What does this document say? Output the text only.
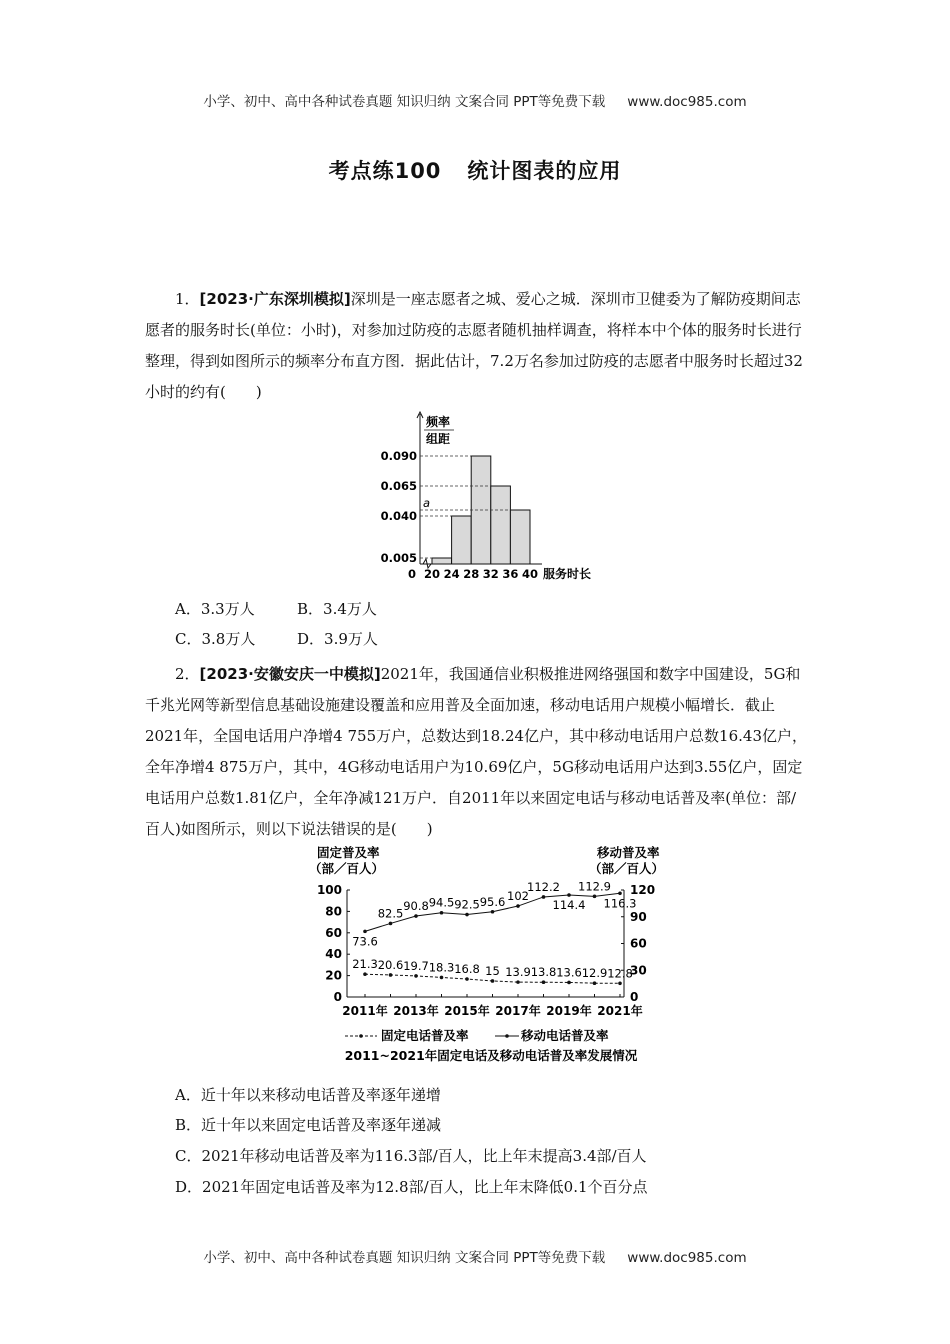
小学、初中、高中各种试卷真题 知识归纳 文案合同 PPT等免费下载 www.doc985.com
考点练100 统计图表的应用
1．[2023·广东深圳模拟]深圳是一座志愿者之城、爱心之城．深圳市卫健委为了解防疫期间志愿者的服务时长(单位：小时)，对参加过防疫的志愿者随机抽样调查，将样本中个体的服务时长进行整理，得到如图所示的频率分布直方图．据此估计，7.2万名参加过防疫的志愿者中服务时长超过32小时的约有(　　)
0.005
0.040
0.065
0.090
a
频率
组距
0 20 24 28 32 36 40 服务时长
A．3.3万人	B．3.4万人
C．3.8万人	D．3.9万人
2．[2023·安徽安庆一中模拟]2021年，我国通信业积极推进网络强国和数字中国建设，5G和千兆光网等新型信息基础设施建设覆盖和应用普及全面加速，移动电话用户规模小幅增长．截止2021年，全国电话用户净增4 755万户，总数达到18.24亿户，其中移动电话用户总数16.43亿户，全年净增4 875万户，其中，4G移动电话用户为10.69亿户，5G移动电话用户达到3.55亿户，固定电话用户总数1.81亿户，全年净减121万户．自2011年以来固定电话与移动电话普及率(单位：部/百人)如图所示，则以下说法错误的是(　　)
固定普及率
（部／百人）
移动普及率
（部／百人）
0
20
40
60
80
100
0
30
60
90
120
2011年 2013年 2015年 2017年 2019年 2021年
21.3 20.6 19.7 18.3 16.8 15 13.9 13.8 13.6 12.9 12.8
73.6
82.5
90.8 94.5 92.5 95.6 102
112.2
114.4
112.9
116.3
固定电话普及率	移动电话普及率
2011~2021年固定电话及移动电话普及率发展情况
A．近十年以来移动电话普及率逐年递增
B．近十年以来固定电话普及率逐年递减
C．2021年移动电话普及率为116.3部/百人，比上年末提高3.4部/百人
D．2021年固定电话普及率为12.8部/百人，比上年末降低0.1个百分点
小学、初中、高中各种试卷真题 知识归纳 文案合同 PPT等免费下载 www.doc985.com
